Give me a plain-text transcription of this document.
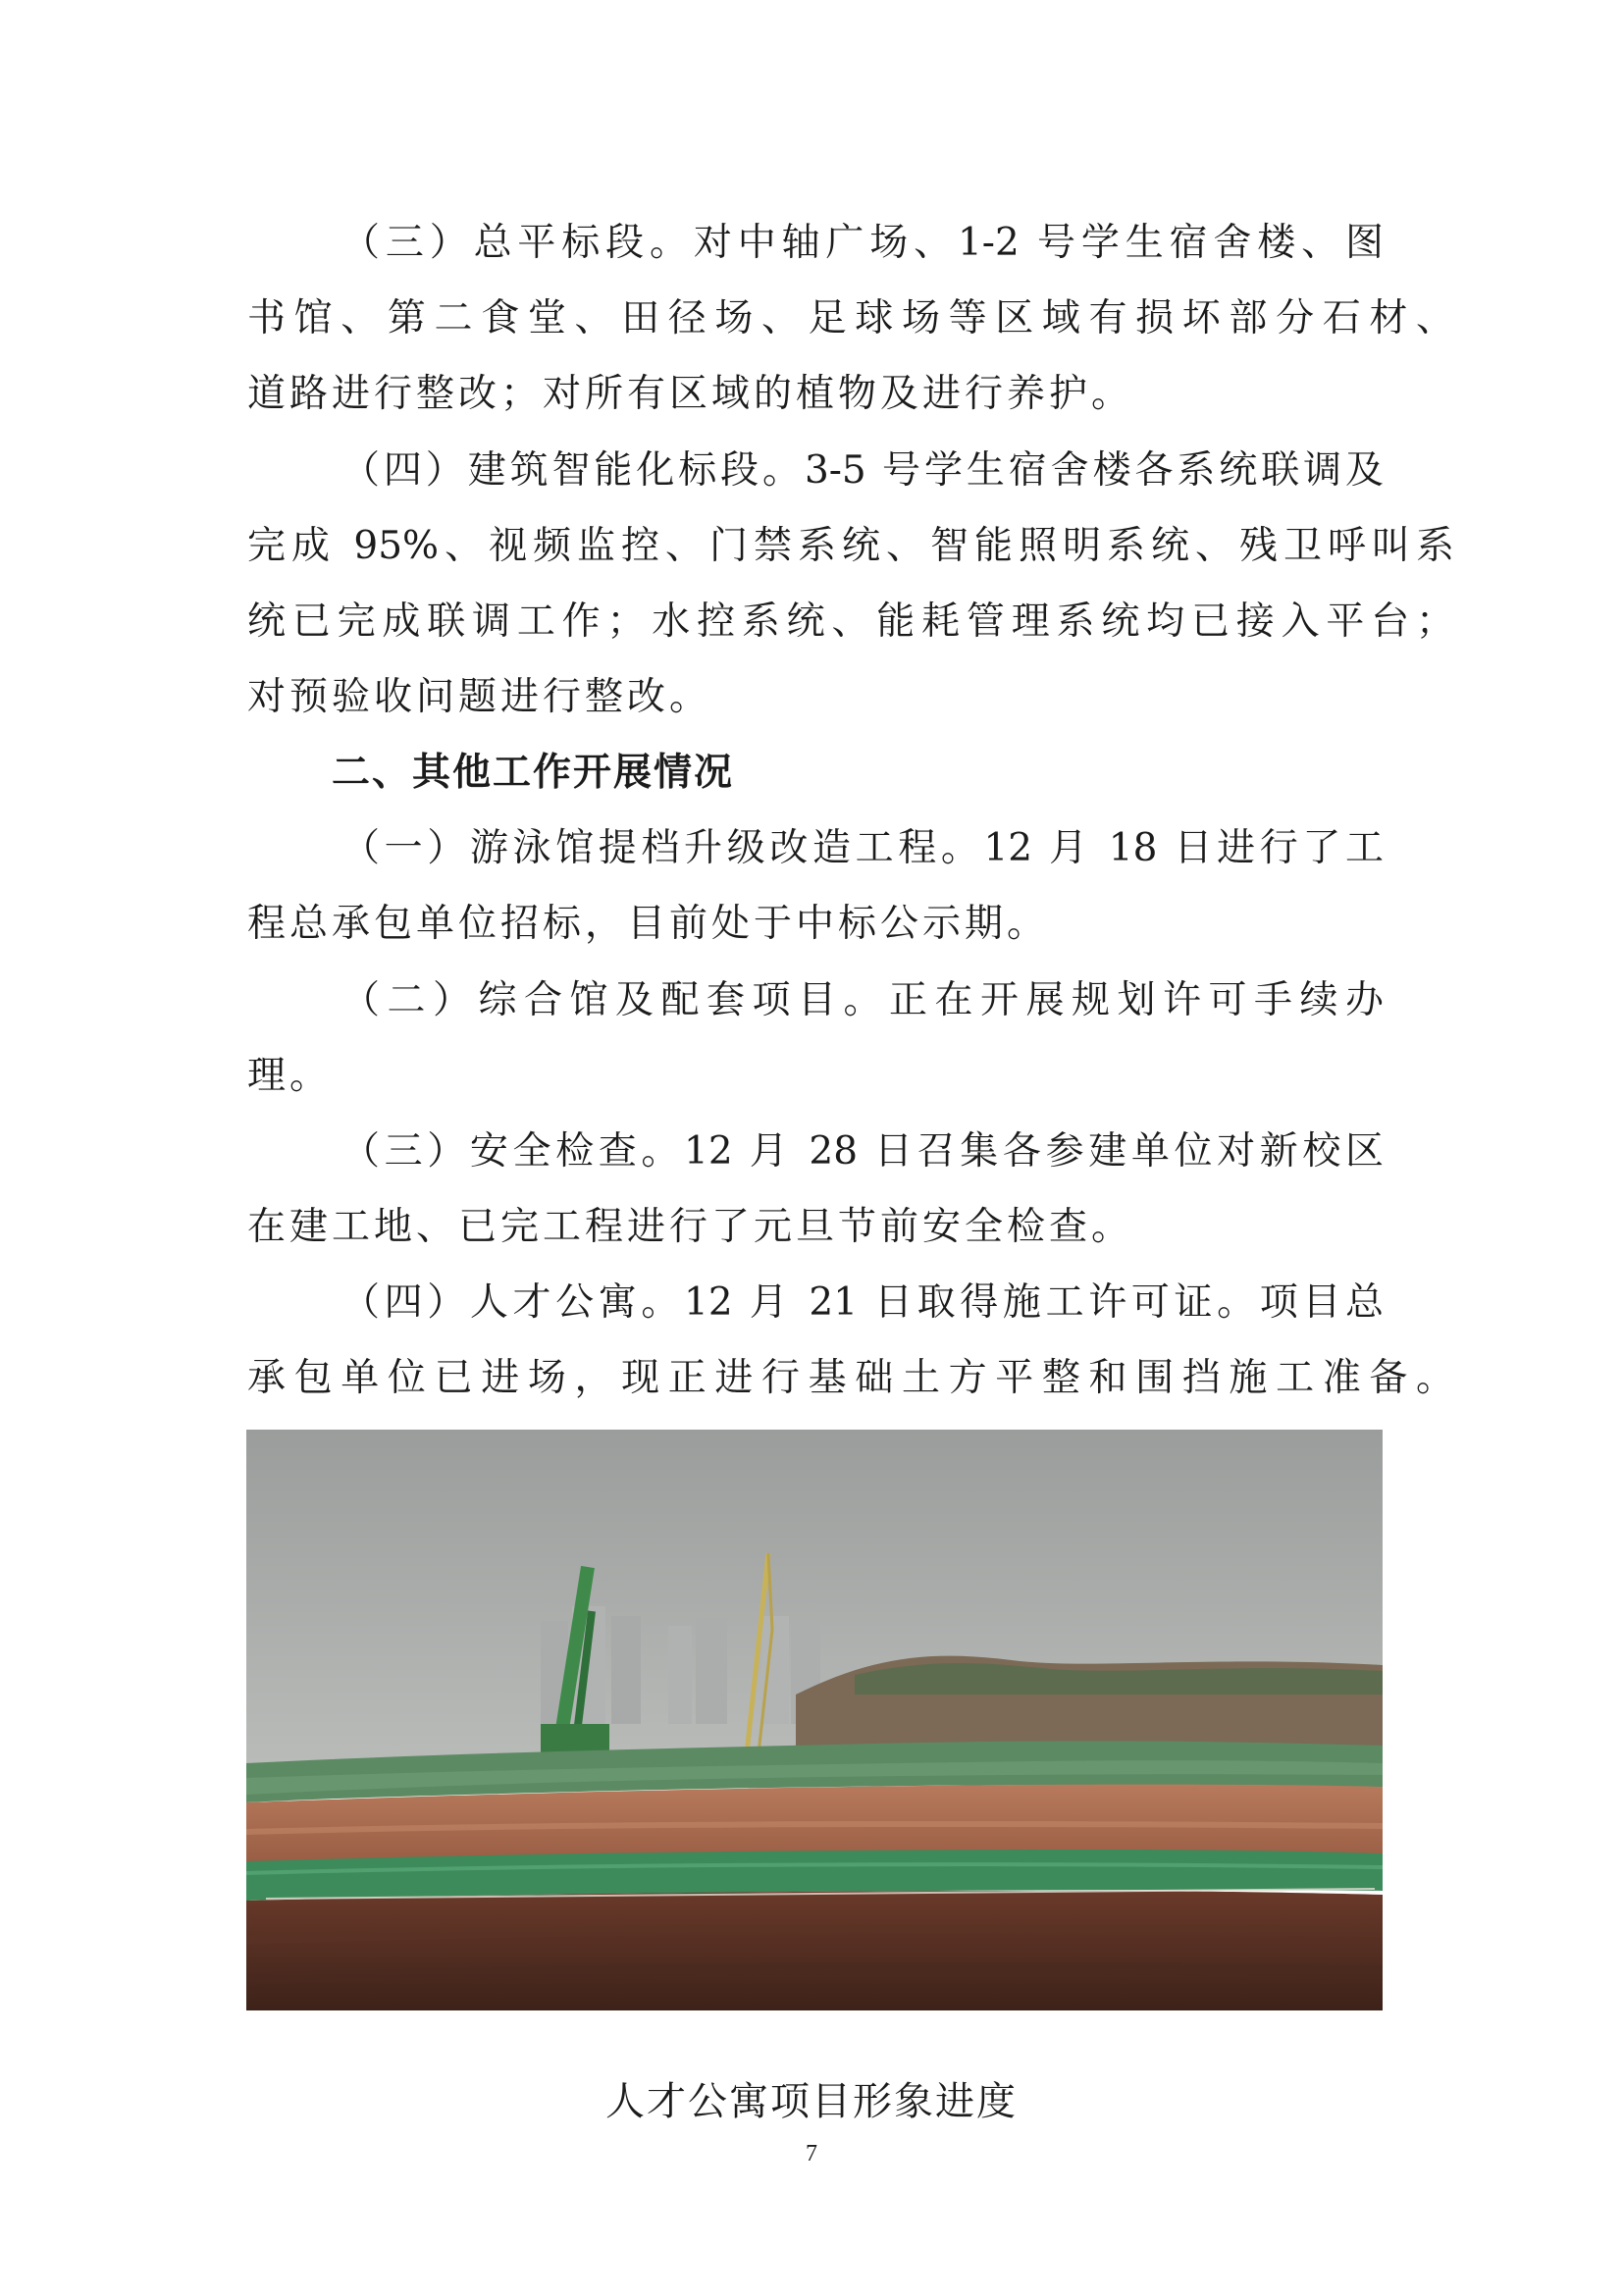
（三）总平标段。对中轴广场、1-2 号学生宿舍楼、图
书馆、第二食堂、田径场、足球场等区域有损坏部分石材、
道路进行整改；对所有区域的植物及进行养护。
（四）建筑智能化标段。3-5 号学生宿舍楼各系统联调及
完成 95%、视频监控、门禁系统、智能照明系统、残卫呼叫系
统已完成联调工作；水控系统、能耗管理系统均已接入平台；
对预验收问题进行整改。
二、其他工作开展情况
（一）游泳馆提档升级改造工程。12 月 18 日进行了工
程总承包单位招标，目前处于中标公示期。
（二）综合馆及配套项目。正在开展规划许可手续办
理。
（三）安全检查。12 月 28 日召集各参建单位对新校区
在建工地、已完工程进行了元旦节前安全检查。
（四）人才公寓。12 月 21 日取得施工许可证。项目总
承包单位已进场，现正进行基础土方平整和围挡施工准备。
人才公寓项目形象进度
7
